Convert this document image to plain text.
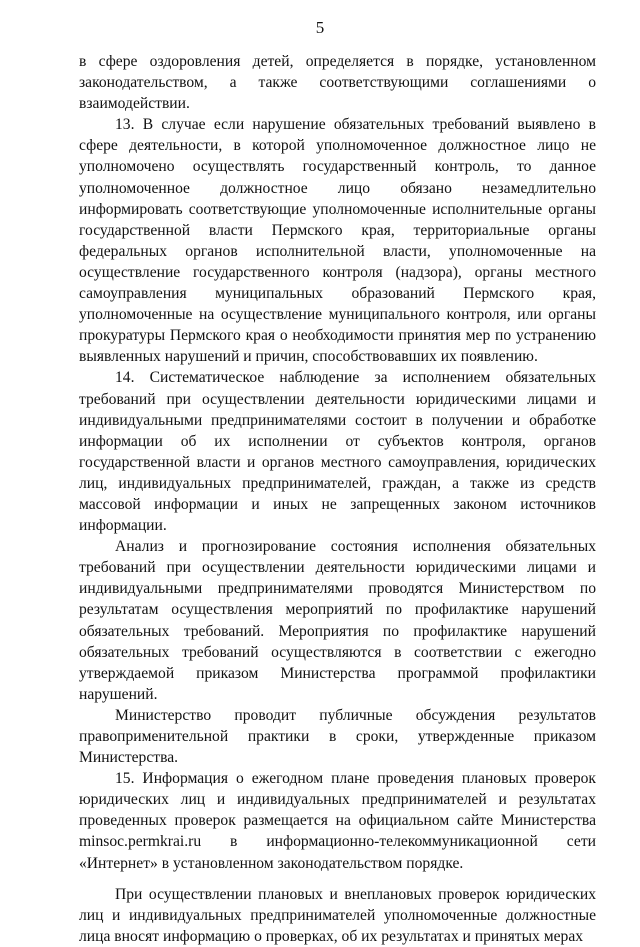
5

в сфере оздоровления детей, определяется в порядке, установленном законодательством, а также соответствующими соглашениями о взаимодействии.

13. В случае если нарушение обязательных требований выявлено в сфере деятельности, в которой уполномоченное должностное лицо не уполномочено осуществлять государственный контроль, то данное уполномоченное должностное лицо обязано незамедлительно информировать соответствующие уполномоченные исполнительные органы государственной власти Пермского края, территориальные органы федеральных органов исполнительной власти, уполномоченные на осуществление государственного контроля (надзора), органы местного самоуправления муниципальных образований Пермского края, уполномоченные на осуществление муниципального контроля, или органы прокуратуры Пермского края о необходимости принятия мер по устранению выявленных нарушений и причин, способствовавших их появлению.

14. Систематическое наблюдение за исполнением обязательных требований при осуществлении деятельности юридическими лицами и индивидуальными предпринимателями состоит в получении и обработке информации об их исполнении от субъектов контроля, органов государственной власти и органов местного самоуправления, юридических лиц, индивидуальных предпринимателей, граждан, а также из средств массовой информации и иных не запрещенных законом источников информации.

Анализ и прогнозирование состояния исполнения обязательных требований при осуществлении деятельности юридическими лицами и индивидуальными предпринимателями проводятся Министерством по результатам осуществления мероприятий по профилактике нарушений обязательных требований. Мероприятия по профилактике нарушений обязательных требований осуществляются в соответствии с ежегодно утверждаемой приказом Министерства программой профилактики нарушений.

Министерство проводит публичные обсуждения результатов правоприменительной практики в сроки, утвержденные приказом Министерства.

15. Информация о ежегодном плане проведения плановых проверок юридических лиц и индивидуальных предпринимателей и результатах проведенных проверок размещается на официальном сайте Министерства minsoc.permkrai.ru в информационно-телекоммуникационной сети «Интернет» в установленном законодательством порядке.

При осуществлении плановых и внеплановых проверок юридических лиц и индивидуальных предпринимателей уполномоченные должностные лица вносят информацию о проверках, об их результатах и принятых мерах
